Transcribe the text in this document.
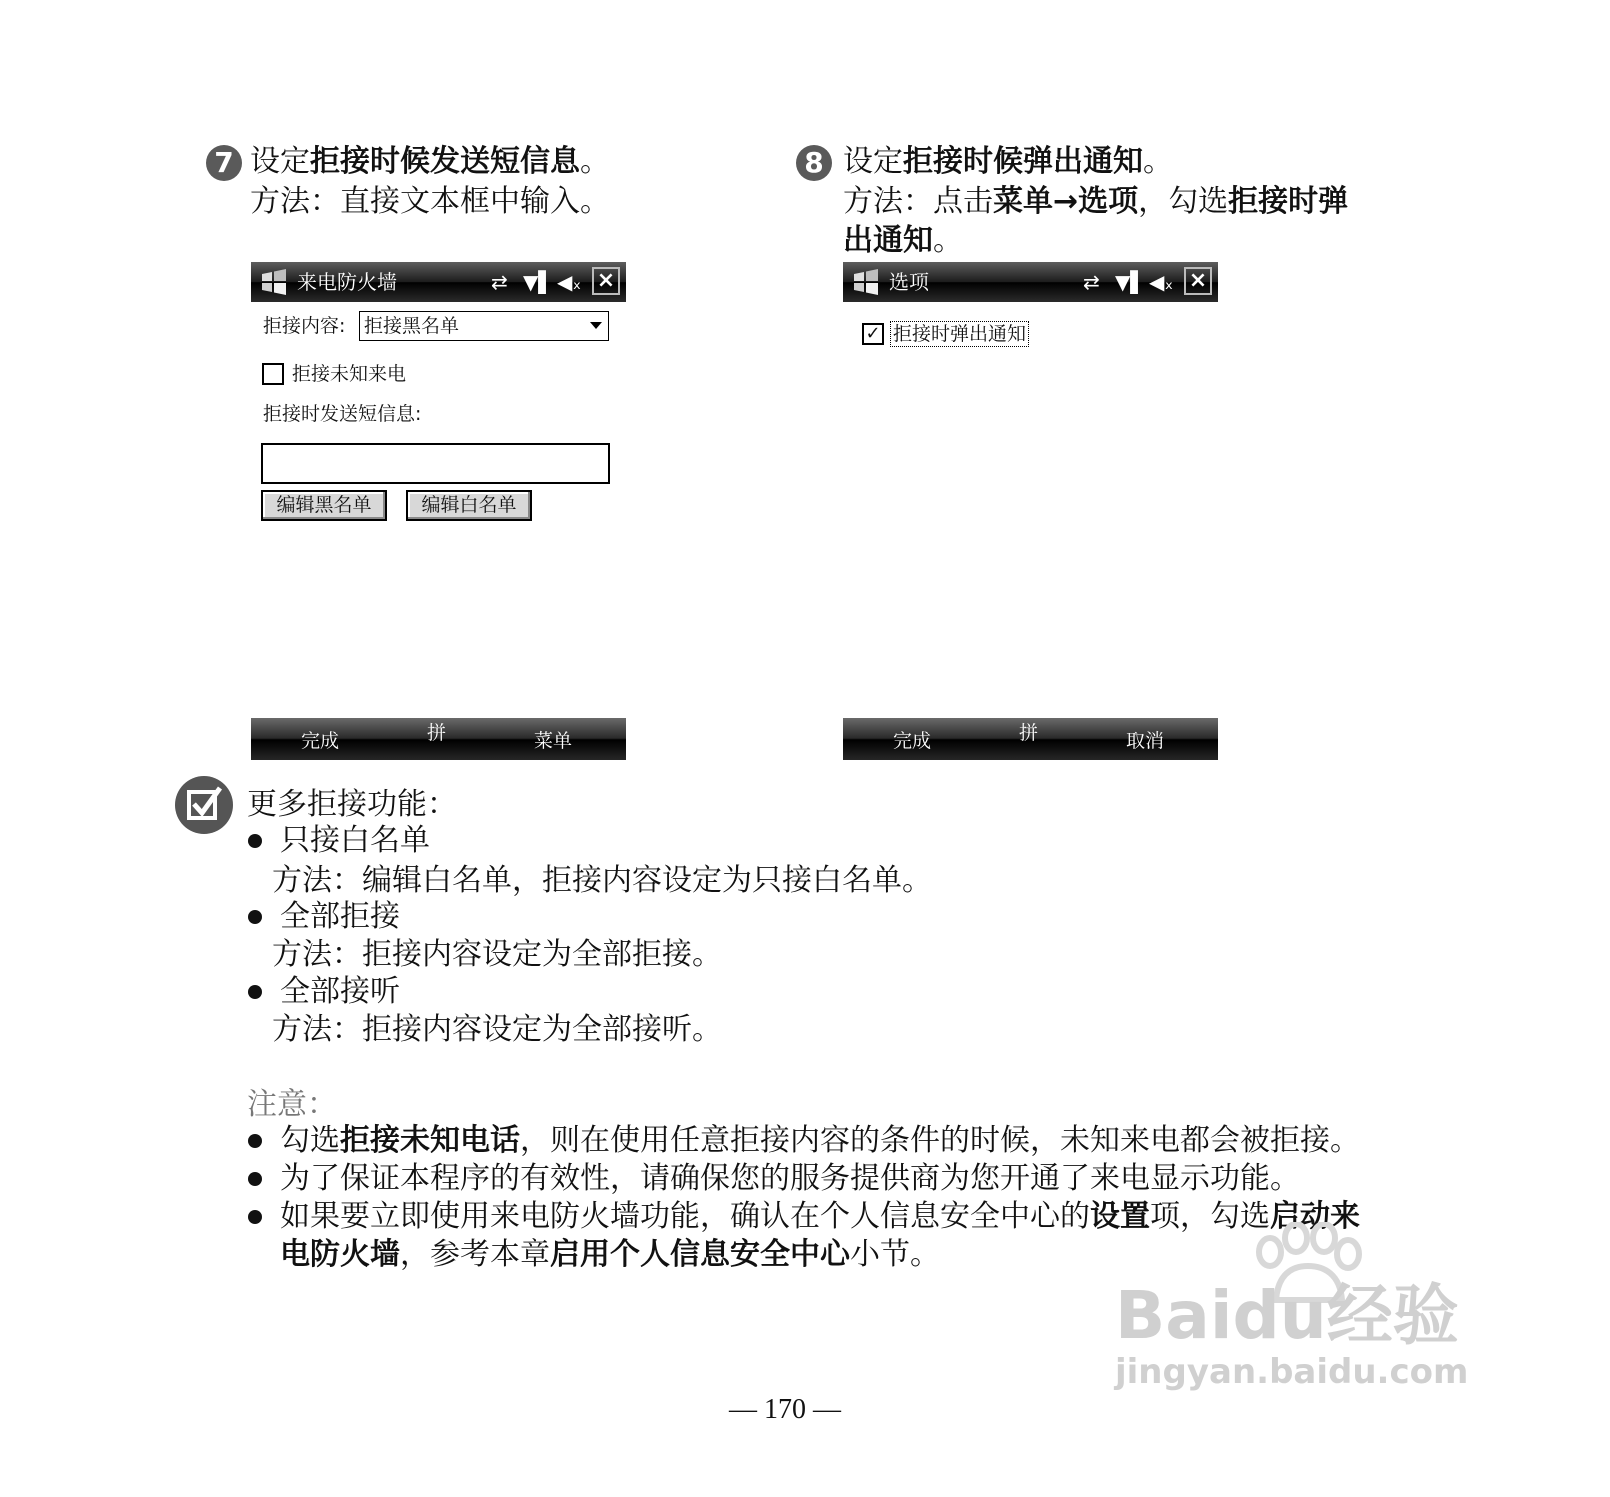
7 设定拒接时候发送短信息。
方法：直接文本框中输入。
8 设定拒接时候弹出通知。
方法：点击菜单→选项，勾选拒接时弹
出通知。
来电防火墙	⇄ ▼▌ ◀ₓ ×
拒接内容: 拒接黑名单
拒接未知来电
拒接时发送短信息:
编辑黑名单	编辑白名单
完成	拼	菜单
选项	⇄ ▼▌ ◀ₓ ×
✓ 拒接时弹出通知
完成	拼	取消
更多拒接功能：
只接白名单
方法：编辑白名单，拒接内容设定为只接白名单。
全部拒接
方法：拒接内容设定为全部拒接。
全部接听
方法：拒接内容设定为全部接听。
注意：
勾选拒接未知电话，则在使用任意拒接内容的条件的时候，未知来电都会被拒接。
为了保证本程序的有效性，请确保您的服务提供商为您开通了来电显示功能。
如果要立即使用来电防火墙功能，确认在个人信息安全中心的设置项，勾选启动来
电防火墙，参考本章启用个人信息安全中心小节。
Baidu经验
jingyan.baidu.com
— 170 —
